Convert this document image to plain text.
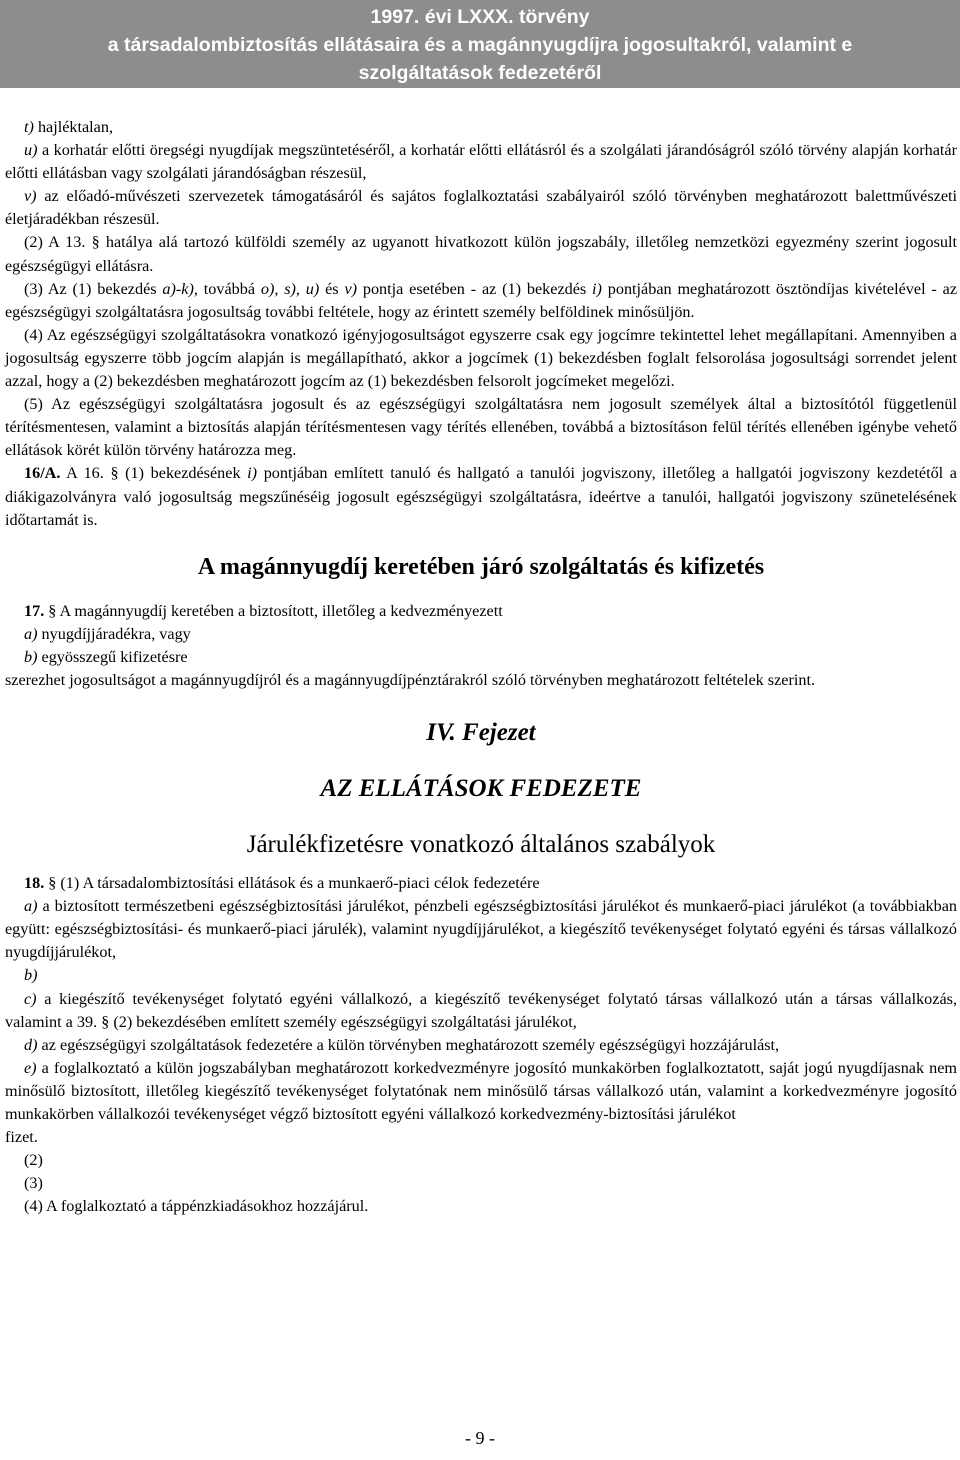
1997. évi LXXX. törvény
a társadalombiztosítás ellátásaira és a magánnyugdíjra jogosultakról, valamint e
szolgáltatások fedezetéről

t) hajléktalan,

u) a korhatár előtti öregségi nyugdíjak megszüntetéséről, a korhatár előtti ellátásról és a szolgálati járandóságról szóló törvény alapján korhatár előtti ellátásban vagy szolgálati járandóságban részesül,

v) az előadó-művészeti szervezetek támogatásáról és sajátos foglalkoztatási szabályairól szóló törvényben meghatározott balettművészeti életjáradékban részesül.

(2) A 13. § hatálya alá tartozó külföldi személy az ugyanott hivatkozott külön jogszabály, illetőleg nemzetközi egyezmény szerint jogosult egészségügyi ellátásra.

(3) Az (1) bekezdés a)-k), továbbá o), s), u) és v) pontja esetében - az (1) bekezdés i) pontjában meghatározott ösztöndíjas kivételével - az egészségügyi szolgáltatásra jogosultság további feltétele, hogy az érintett személy belföldinek minősüljön.

(4) Az egészségügyi szolgáltatásokra vonatkozó igényjogosultságot egyszerre csak egy jogcímre tekintettel lehet megállapítani. Amennyiben a jogosultság egyszerre több jogcím alapján is megállapítható, akkor a jogcímek (1) bekezdésben foglalt felsorolása jogosultsági sorrendet jelent azzal, hogy a (2) bekezdésben meghatározott jogcím az (1) bekezdésben felsorolt jogcímeket megelőzi.

(5) Az egészségügyi szolgáltatásra jogosult és az egészségügyi szolgáltatásra nem jogosult személyek által a biztosítótól függetlenül térítésmentesen, valamint a biztosítás alapján térítésmentesen vagy térítés ellenében, továbbá a biztosításon felül térítés ellenében igénybe vehető ellátások körét külön törvény határozza meg.

16/A. A 16. § (1) bekezdésének i) pontjában említett tanuló és hallgató a tanulói jogviszony, illetőleg a hallgatói jogviszony kezdetétől a diákigazolványra való jogosultság megszűnéséig jogosult egészségügyi szolgáltatásra, ideértve a tanulói, hallgatói jogviszony szünetelésének időtartamát is.

A magánnyugdíj keretében járó szolgáltatás és kifizetés

17. § A magánnyugdíj keretében a biztosított, illetőleg a kedvezményezett

a) nyugdíjjáradékra, vagy

b) egyösszegű kifizetésre

szerezhet jogosultságot a magánnyugdíjról és a magánnyugdíjpénztárakról szóló törvényben meghatározott feltételek szerint.

IV. Fejezet
AZ ELLÁTÁSOK FEDEZETE
Járulékfizetésre vonatkozó általános szabályok

18. § (1) A társadalombiztosítási ellátások és a munkaerő-piaci célok fedezetére

a) a biztosított természetbeni egészségbiztosítási járulékot, pénzbeli egészségbiztosítási járulékot és munkaerő-piaci járulékot (a továbbiakban együtt: egészségbiztosítási- és munkaerő-piaci járulék), valamint nyugdíjjárulékot, a kiegészítő tevékenységet folytató egyéni és társas vállalkozó nyugdíjjárulékot,

b)

c) a kiegészítő tevékenységet folytató egyéni vállalkozó, a kiegészítő tevékenységet folytató társas vállalkozó után a társas vállalkozás, valamint a 39. § (2) bekezdésében említett személy egészségügyi szolgáltatási járulékot,

d) az egészségügyi szolgáltatások fedezetére a külön törvényben meghatározott személy egészségügyi hozzájárulást,

e) a foglalkoztató a külön jogszabályban meghatározott korkedvezményre jogosító munkakörben foglalkoztatott, saját jogú nyugdíjasnak nem minősülő biztosított, illetőleg kiegészítő tevékenységet folytatónak nem minősülő társas vállalkozó után, valamint a korkedvezményre jogosító munkakörben vállalkozói tevékenységet végző biztosított egyéni vállalkozó korkedvezmény-biztosítási járulékot

fizet.

(2)

(3)

(4) A foglalkoztató a táppénzkiadásokhoz hozzájárul.

- 9 -
